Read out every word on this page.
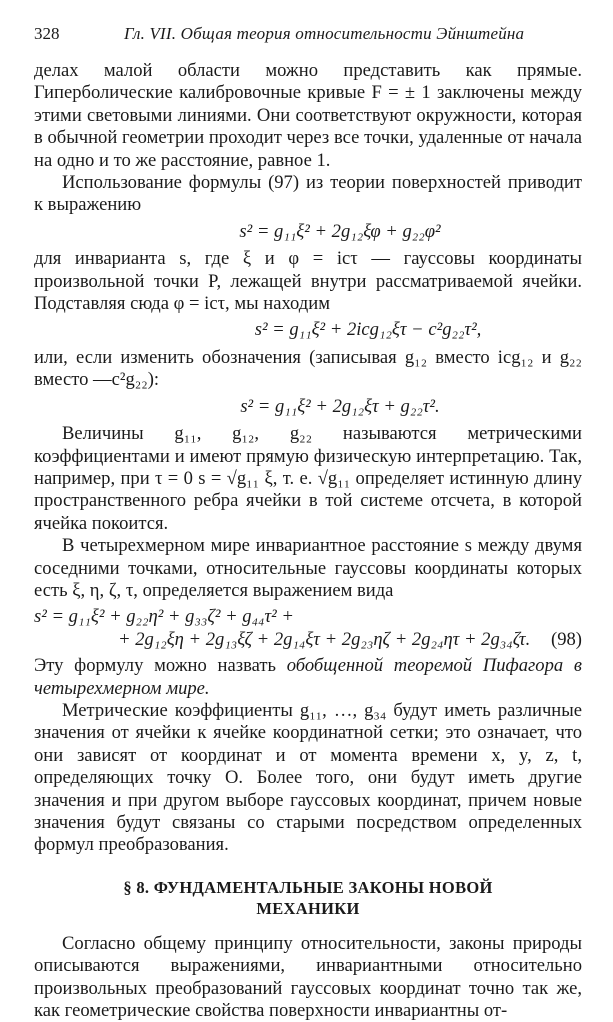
328	Гл. VII. Общая теория относительности Эйнштейна

делах малой области можно представить как прямые. Гиперболические калибровочные кривые F = ± 1 заключены между этими световыми линиями. Они соответствуют окружности, которая в обычной геометрии проходит через все точки, удаленные от начала на одно и то же расстояние, равное 1.

Использование формулы (97) из теории поверхностей приводит к выражению

s² = g₁₁ξ² + 2g₁₂ξφ + g₂₂φ²

для инварианта s, где ξ и φ = icτ — гауссовы координаты произвольной точки P, лежащей внутри рассматриваемой ячейки. Подставляя сюда φ = icτ, мы находим

s² = g₁₁ξ² + 2icg₁₂ξτ − c²g₂₂τ²,

или, если изменить обозначения (записывая g₁₂ вместо icg₁₂ и g₂₂ вместо —c²g₂₂):

s² = g₁₁ξ² + 2g₁₂ξτ + g₂₂τ².

Величины g₁₁, g₁₂, g₂₂ называются метрическими коэффициентами и имеют прямую физическую интерпретацию. Так, например, при τ = 0 s = √g₁₁ ξ, т. е. √g₁₁ определяет истинную длину пространственного ребра ячейки в той системе отсчета, в которой ячейка покоится.

В четырехмерном мире инвариантное расстояние s между двумя соседними точками, относительные гауссовы координаты которых есть ξ, η, ζ, τ, определяется выражением вида

s² = g₁₁ξ² + g₂₂η² + g₃₃ζ² + g₄₄τ² +
+ 2g₁₂ξη + 2g₁₃ξζ + 2g₁₄ξτ + 2g₂₃ηζ + 2g₂₄ητ + 2g₃₄ζτ. (98)

Эту формулу можно назвать обобщенной теоремой Пифагора в четырехмерном мире.

Метрические коэффициенты g₁₁, …, g₃₄ будут иметь различные значения от ячейки к ячейке координатной сетки; это означает, что они зависят от координат и от момента времени x, y, z, t, определяющих точку O. Более того, они будут иметь другие значения и при другом выборе гауссовых координат, причем новые значения будут связаны со старыми посредством определенных формул преобразования.

§ 8. ФУНДАМЕНТАЛЬНЫЕ ЗАКОНЫ НОВОЙ
МЕХАНИКИ

Согласно общему принципу относительности, законы природы описываются выражениями, инвариантными относительно произвольных преобразований гауссовых координат точно так же, как геометрические свойства поверхности инвариантны от-
